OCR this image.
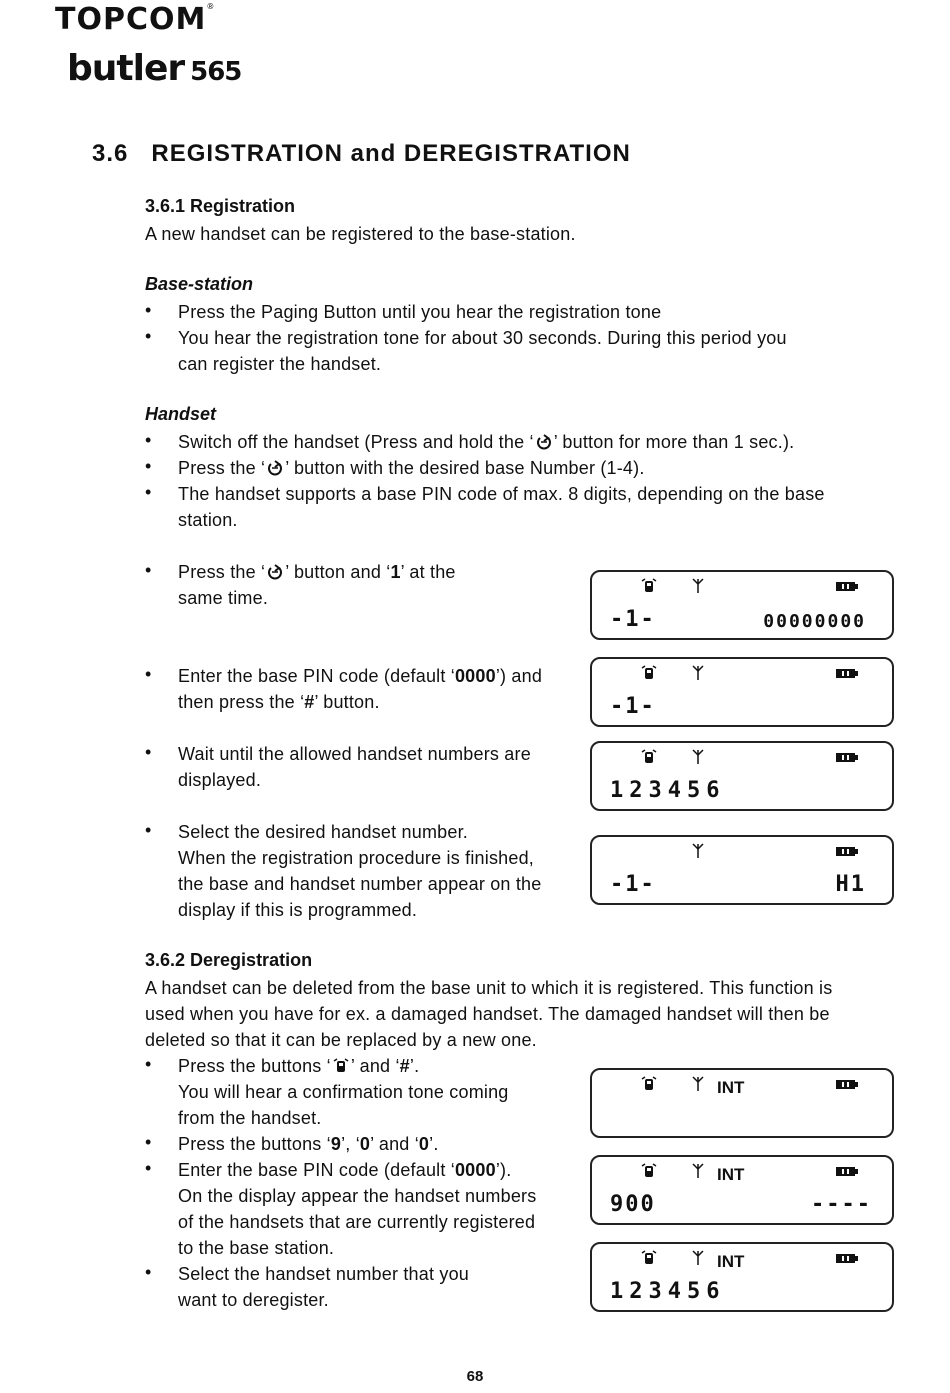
TOPCOM®
butler 565
3.6   REGISTRATION and DEREGISTRATION
3.6.1 Registration
A new handset can be registered to the base-station.
Base-station
• Press the Paging Button until you hear the registration tone
• You hear the registration tone for about 30 seconds. During this period you
can register the handset.
Handset
• Switch off the handset (Press and hold the ‘ ’ button for more than 1 sec.).
• Press the ‘ ’ button with the desired base Number (1-4).
• The handset supports a base PIN code of max. 8 digits, depending on the base
station.
• Press the ‘ ’ button and ‘1’ at the
same time.
• Enter the base PIN code (default ‘0000’) and
then press the ‘#’ button.
• Wait until the allowed handset numbers are
displayed.
• Select the desired handset number.
When the registration procedure is finished,
the base and handset number appear on the
display if this is programmed.
3.6.2 Deregistration
A handset can be deleted from the base unit to which it is registered. This function is
used when you have for ex. a damaged handset. The damaged handset will then be
deleted so that it can be replaced by a new one.
• Press the buttons ‘ ’ and ‘#’.
You will hear a confirmation tone coming
from the handset.
• Press the buttons ‘9’, ‘0’ and ‘0’.
• Enter the base PIN code (default ‘0000’).
On the display appear the handset numbers
of the handsets that are currently registered
to the base station.
• Select the handset number that you
want to deregister.
-1-	00000000
-1-
123456
-1-	H1
INT
INT
900	----
INT
123456
68
